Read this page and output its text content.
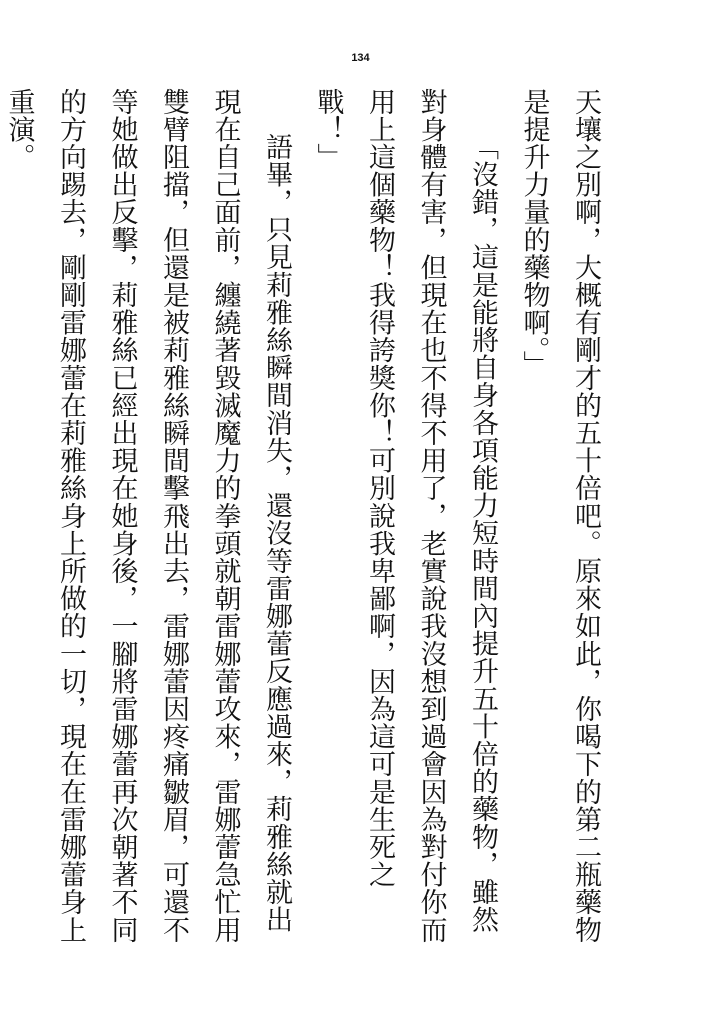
134

天壤之別啊，大概有剛才的五十倍吧。原來如此，你喝下的第二瓶藥物是提升力量的藥物啊。」

「沒錯，這是能將自身各項能力短時間內提升五十倍的藥物，雖然對身體有害，但現在也不得不用了，老實說我沒想到過會因為對付你而用上這個藥物！我得誇獎你！可別說我卑鄙啊，因為這可是生死之戰！」

語畢，只見莉雅絲瞬間消失，還沒等雷娜蕾反應過來，莉雅絲就出現在自己面前，纏繞著毀滅魔力的拳頭就朝雷娜蕾攻來，雷娜蕾急忙用雙臂阻擋，但還是被莉雅絲瞬間擊飛出去，雷娜蕾因疼痛皺眉，可還不等她做出反擊，莉雅絲已經出現在她身後，一腳將雷娜蕾再次朝著不同的方向踢去，剛剛雷娜蕾在莉雅絲身上所做的一切，現在在雷娜蕾身上重演。
